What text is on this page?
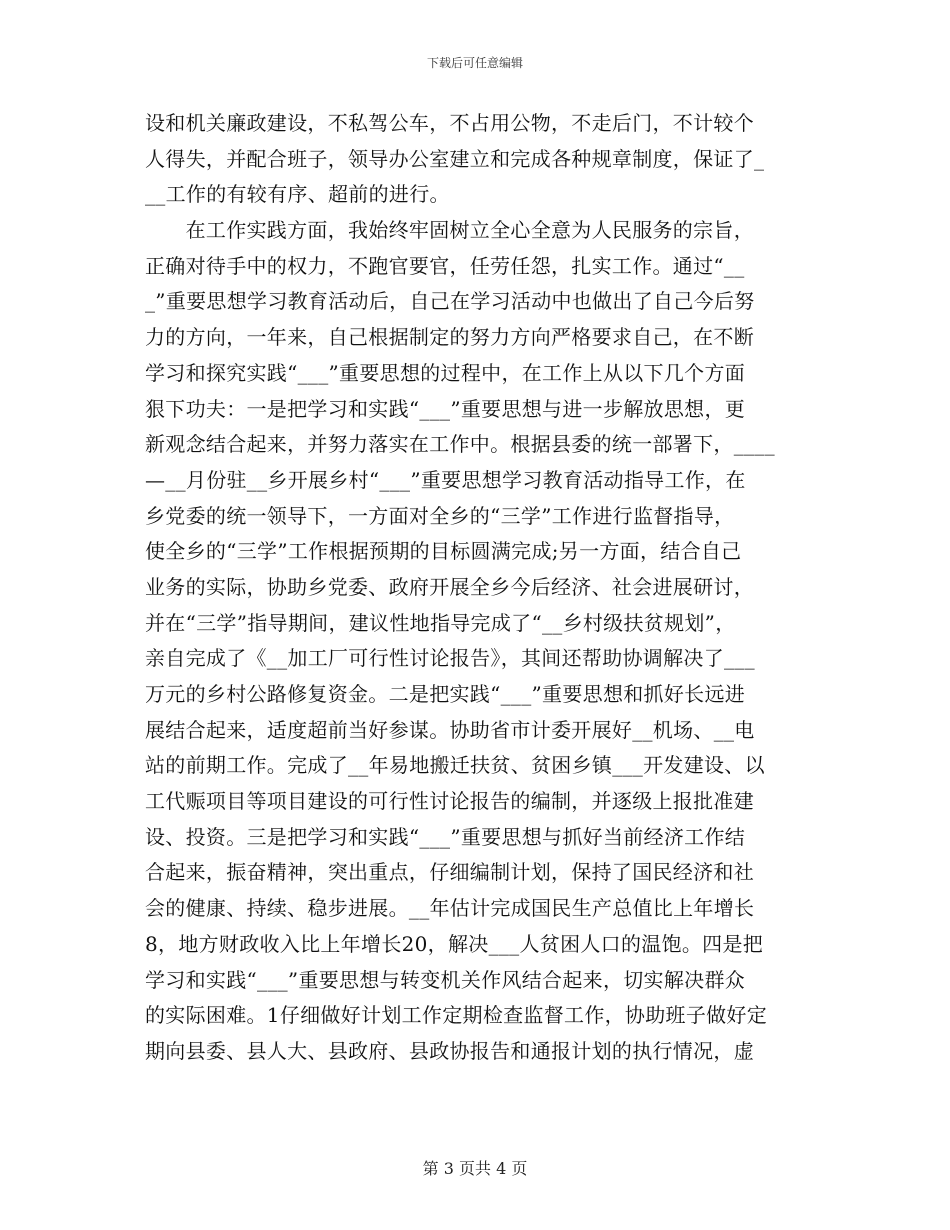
下载后可任意编辑
设和机关廉政建设，不私驾公车，不占用公物，不走后门，不计较个
人得失，并配合班子，领导办公室建立和完成各种规章制度，保证了_
__工作的有较有序、超前的进行。
　　在工作实践方面，我始终牢固树立全心全意为人民服务的宗旨，
正确对待手中的权力，不跑官要官，任劳任怨，扎实工作。通过“__
_”重要思想学习教育活动后，自己在学习活动中也做出了自己今后努
力的方向，一年来，自己根据制定的努力方向严格要求自己，在不断
学习和探究实践“___”重要思想的过程中，在工作上从以下几个方面
狠下功夫：一是把学习和实践“___”重要思想与进一步解放思想，更
新观念结合起来，并努力落实在工作中。根据县委的统一部署下，____
—__月份驻__乡开展乡村“___”重要思想学习教育活动指导工作，在
乡党委的统一领导下，一方面对全乡的“三学”工作进行监督指导，
使全乡的“三学”工作根据预期的目标圆满完成;另一方面，结合自己
业务的实际，协助乡党委、政府开展全乡今后经济、社会进展研讨，
并在“三学”指导期间，建议性地指导完成了“__乡村级扶贫规划”，
亲自完成了《__加工厂可行性讨论报告》，其间还帮助协调解决了___
万元的乡村公路修复资金。二是把实践“___”重要思想和抓好长远进
展结合起来，适度超前当好参谋。协助省市计委开展好__机场、__电
站的前期工作。完成了__年易地搬迁扶贫、贫困乡镇___开发建设、以
工代赈项目等项目建设的可行性讨论报告的编制，并逐级上报批准建
设、投资。三是把学习和实践“___”重要思想与抓好当前经济工作结
合起来，振奋精神，突出重点，仔细编制计划，保持了国民经济和社
会的健康、持续、稳步进展。__年估计完成国民生产总值比上年增长
8，地方财政收入比上年增长20，解决___人贫困人口的温饱。四是把
学习和实践“___”重要思想与转变机关作风结合起来，切实解决群众
的实际困难。1仔细做好计划工作定期检查监督工作，协助班子做好定
期向县委、县人大、县政府、县政协报告和通报计划的执行情况，虚
第 3 页共 4 页
